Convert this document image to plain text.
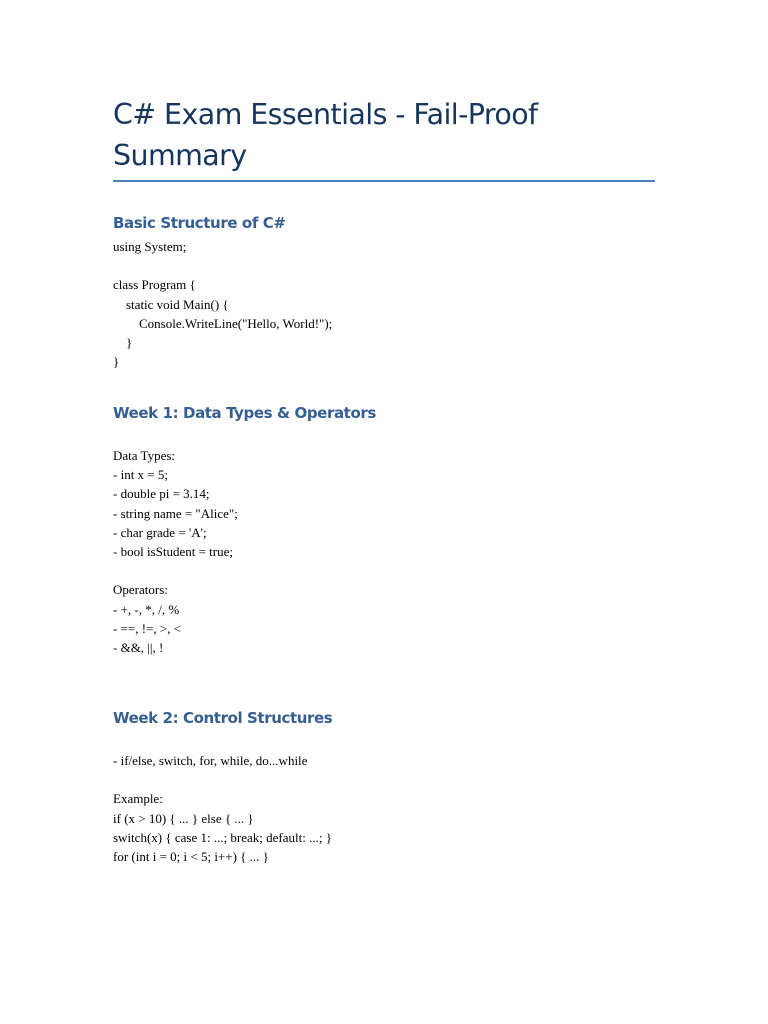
C# Exam Essentials - Fail-Proof Summary
Basic Structure of C#
using System;
class Program {
static void Main() {
Console.WriteLine("Hello, World!");
}
}
Week 1: Data Types & Operators
Data Types:
- int x = 5;
- double pi = 3.14;
- string name = "Alice";
- char grade = 'A';
- bool isStudent = true;
Operators:
- +, -, *, /, %
- ==, !=, >, <
- &&, ||, !
Week 2: Control Structures
- if/else, switch, for, while, do...while
Example:
if (x > 10) { ... } else { ... }
switch(x) { case 1: ...; break; default: ...; }
for (int i = 0; i < 5; i++) { ... }
